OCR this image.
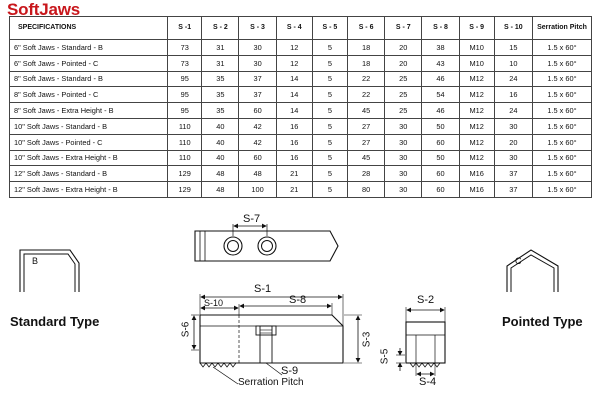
SoftJaws
SPECIFICATIONS	S -1	S - 2	S - 3	S - 4	S - 5	S - 6	S - 7	S - 8	S - 9	S - 10	Serration Pitch
6" Soft Jaws - Standard - B	73	31	30	12	5	18	20	38	M10	15	1.5 x 60°
6" Soft Jaws - Pointed - C	73	31	30	12	5	18	20	43	M10	10	1.5 x 60°
8" Soft Jaws - Standard - B	95	35	37	14	5	22	25	46	M12	24	1.5 x 60°
8" Soft Jaws - Pointed - C	95	35	37	14	5	22	25	54	M12	16	1.5 x 60°
8" Soft Jaws - Extra Height - B	95	35	60	14	5	45	25	46	M12	24	1.5 x 60°
10" Soft Jaws - Standard - B	110	40	42	16	5	27	30	50	M12	30	1.5 x 60°
10" Soft Jaws - Pointed - C	110	40	42	16	5	27	30	60	M12	20	1.5 x 60°
10" Soft Jaws - Extra Height - B	110	40	60	16	5	45	30	50	M12	30	1.5 x 60°
12" Soft Jaws - Standard - B	129	48	48	21	5	28	30	60	M16	37	1.5 x 60°
12" Soft Jaws - Extra Height - B	129	48	100	21	5	80	30	60	M16	37	1.5 x 60°
B
Standard Type
C
Pointed Type
S-7
S-1
S-10	S-8
S-6
S-3
S-9
Serration Pitch
S-2
S-5
S-4
